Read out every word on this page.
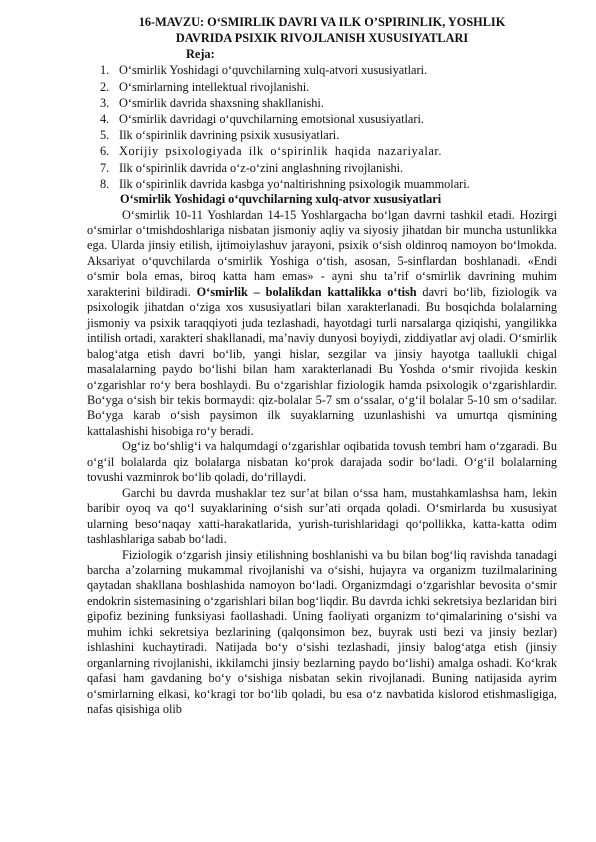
16-MAVZU: O‘SMIRLIK DAVRI VA ILK O’SPIRINLIK, YOSHLIK
DAVRIDA PSIXIK RIVOJLANISH XUSUSIYATLARI

Reja:

1. O‘smirlik Yoshidagi o‘quvchilarning xulq-atvori xususiyatlari.
2. O‘smirlarning intellektual rivojlanishi.
3. O‘smirlik davrida shaxsning shakllanishi.
4. O‘smirlik davridagi o‘quvchilarning emotsional xususiyatlari.
5. Ilk o‘spirinlik davrining psixik xususiyatlari.
6. Xorijiy psixologiyada ilk o‘spirinlik haqida nazariyalar.
7. Ilk o‘spirinlik davrida o‘z-o‘zini anglashning rivojlanishi.
8. Ilk o‘spirinlik davrida kasbga yo‘naltirishning psixologik muammolari.

O‘smirlik Yoshidagi o‘quvchilarning xulq-atvor xususiyatlari

O‘smirlik 10-11 Yoshlardan 14-15 Yoshlargacha bo‘lgan davrni tashkil etadi. Hozirgi o‘smirlar o‘tmishdoshlariga nisbatan jismoniy aqliy va siyosiy jihatdan bir muncha ustunlikka ega. Ularda jinsiy etilish, ijtimoiylashuv jarayoni, psixik o‘sish oldinroq namoyon bo‘lmokda. Aksariyat o‘quvchilarda o‘smirlik Yoshiga o‘tish, asosan, 5-sinflardan boshlanadi. «Endi o‘smir bola emas, biroq katta ham emas» - ayni shu ta’rif o‘smirlik davrining muhim xarakterini bildiradi. O‘smirlik – bolalikdan kattalikka o‘tish davri bo‘lib, fiziologik va psixologik jihatdan o‘ziga xos xususiyatlari bilan xarakterlanadi. Bu bosqichda bolalarning jismoniy va psixik taraqqiyoti juda tezlashadi, hayotdagi turli narsalarga qiziqishi, yangilikka intilish ortadi, xarakteri shakllanadi, ma’naviy dunyosi boyiydi, ziddiyatlar avj oladi. O‘smirlik balog‘atga etish davri bo‘lib, yangi hislar, sezgilar va jinsiy hayotga taallukli chigal masalalarning paydo bo‘lishi bilan ham xarakterlanadi Bu Yoshda o‘smir rivojida keskin o‘zgarishlar ro‘y bera boshlaydi. Bu o‘zgarishlar fiziologik hamda psixologik o‘zgarishlardir. Bo‘yga o‘sish bir tekis bormaydi: qiz-bolalar 5-7 sm o‘ssalar, o‘g‘il bolalar 5-10 sm o‘sadilar. Bo‘yga karab o‘sish paysimon ilk suyaklarning uzunlashishi va umurtqa qismining kattalashishi hisobiga ro‘y beradi.

Og‘iz bo‘shlig‘i va halqumdagi o‘zgarishlar oqibatida tovush tembri ham o‘zgaradi. Bu o‘g‘il bolalarda qiz bolalarga nisbatan ko‘prok darajada sodir bo‘ladi. O‘g‘il bolalarning tovushi vazminrok bo‘lib qoladi, do‘rillaydi.

Garchi bu davrda mushaklar tez sur’at bilan o‘ssa ham, mustahkamlashsa ham, lekin baribir oyoq va qo‘l suyaklarining o‘sish sur’ati orqada qoladi. O‘smirlarda bu xususiyat ularning beso‘naqay xatti-harakatlarida, yurish-turishlaridagi qo‘pollikka, katta-katta odim tashlashlariga sabab bo‘ladi.

Fiziologik o‘zgarish jinsiy etilishning boshlanishi va bu bilan bog‘liq ravishda tanadagi barcha a’zolarning mukammal rivojlanishi va o‘sishi, hujayra va organizm tuzilmalarining qaytadan shakllana boshlashida namoyon bo‘ladi. Organizmdagi o‘zgarishlar bevosita o‘smir endokrin sistemasining o‘zgarishlari bilan bog‘liqdir. Bu davrda ichki sekretsiya bezlaridan biri gipofiz bezining funksiyasi faollashadi. Uning faoliyati organizm to‘qimalarining o‘sishi va muhim ichki sekretsiya bezlarining (qalqonsimon bez, buyrak usti bezi va jinsiy bezlar) ishlashini kuchaytiradi. Natijada bo‘y o‘sishi tezlashadi, jinsiy balog‘atga etish (jinsiy organlarning rivojlanishi, ikkilamchi jinsiy bezlarning paydo bo‘lishi) amalga oshadi. Ko‘krak qafasi ham gavdaning bo‘y o‘sishiga nisbatan sekin rivojlanadi. Buning natijasida ayrim o‘smirlarning elkasi, ko‘kragi tor bo‘lib qoladi, bu esa o‘z navbatida kislorod etishmasligiga, nafas qisishiga olib
